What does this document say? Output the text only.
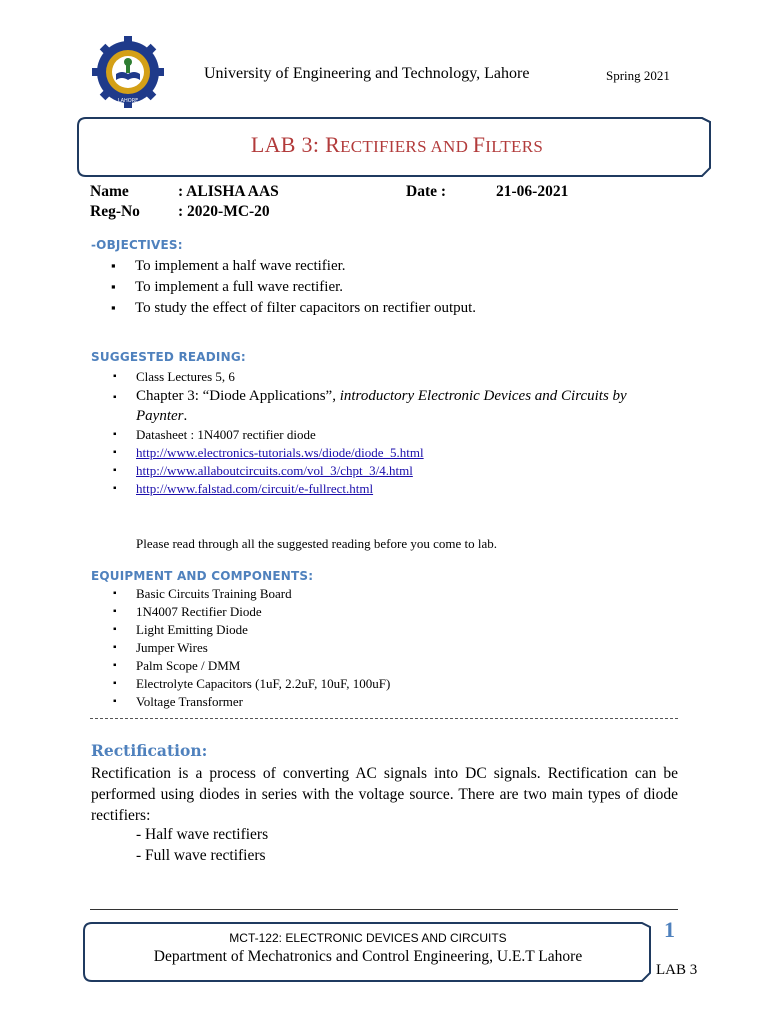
LAHORE
University of Engineering and Technology, Lahore	Spring 2021
LAB 3: RECTIFIERS AND FILTERS
Name	: ALISHA AAS	Date :	21-06-2021
Reg-No : 2020-MC-20
-OBJECTIVES:
▪ To implement a half wave rectifier.
▪ To implement a full wave rectifier.
▪ To study the effect of filter capacitors on rectifier output.
SUGGESTED READING:
▪ Class Lectures 5, 6
▪ Chapter 3: “Diode Applications”, introductory Electronic Devices and Circuits by Paynter.
▪ Datasheet : 1N4007 rectifier diode
▪ http://www.electronics-tutorials.ws/diode/diode_5.html
▪ http://www.allaboutcircuits.com/vol_3/chpt_3/4.html
▪ http://www.falstad.com/circuit/e-fullrect.html
Please read through all the suggested reading before you come to lab.
EQUIPMENT AND COMPONENTS:
▪ Basic Circuits Training Board
▪ 1N4007 Rectifier Diode
▪ Light Emitting Diode
▪ Jumper Wires
▪ Palm Scope / DMM
▪ Electrolyte Capacitors (1uF, 2.2uF, 10uF, 100uF)
▪ Voltage Transformer
Rectification:
Rectification is a process of converting AC signals into DC signals. Rectification can be performed using diodes in series with the voltage source. There are two main types of diode rectifiers:
- Half wave rectifiers
- Full wave rectifiers
MCT-122: ELECTRONIC DEVICES AND CIRCUITS
Department of Mechatronics and Control Engineering, U.E.T Lahore
1
LAB 3
